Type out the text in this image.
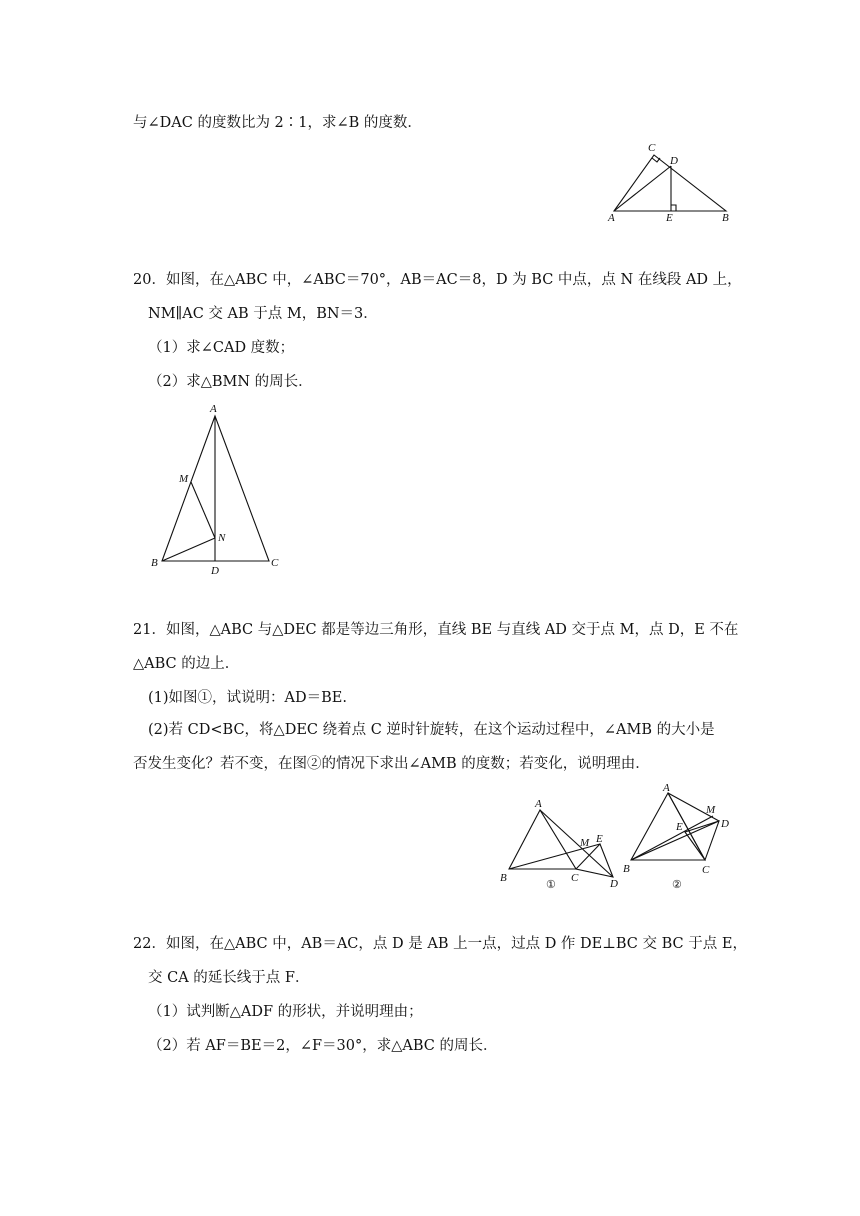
与∠DAC 的度数比为 2∶1，求∠B 的度数．
C
D
A	E	B
20．如图，在△ABC 中，∠ABC＝70°，AB＝AC＝8，D 为 BC 中点，点 N 在线段 AD 上，
NM∥AC 交 AB 于点 M，BN＝3．
（1）求∠CAD 度数；
（2）求△BMN 的周长．
A
M
N
B
D
C
21．如图，△ABC 与△DEC 都是等边三角形，直线 BE 与直线 AD 交于点 M，点 D，E 不在
△ABC 的边上．
(1)如图①，试说明：AD＝BE.
(2)若 CD<BC，将△DEC 绕着点 C 逆时针旋转，在这个运动过程中，∠AMB 的大小是
否发生变化？若不变，在图②的情况下求出∠AMB 的度数；若变化，说明理由．
A
B	C	D
E
M
①
A
B	C
D
E
M
②
22．如图，在△ABC 中，AB＝AC，点 D 是 AB 上一点，过点 D 作 DE⊥BC 交 BC 于点 E，
交 CA 的延长线于点 F．
（1）试判断△ADF 的形状，并说明理由；
（2）若 AF＝BE＝2，∠F＝30°，求△ABC 的周长．
